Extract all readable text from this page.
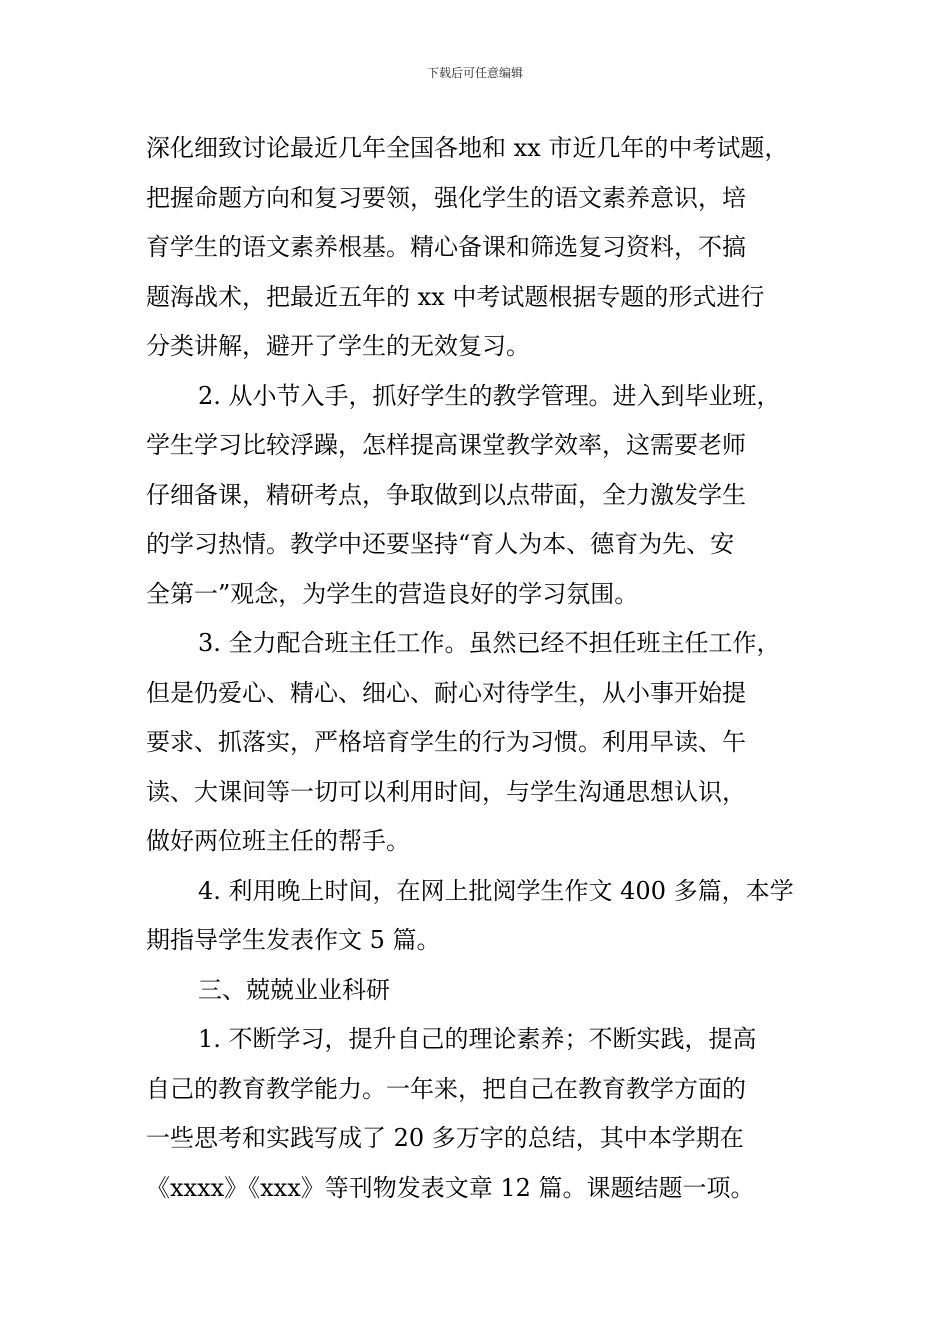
下载后可任意编辑
深化细致讨论最近几年全国各地和 xx 市近几年的中考试题，
把握命题方向和复习要领，强化学生的语文素养意识，培
育学生的语文素养根基。精心备课和筛选复习资料，不搞
题海战术，把最近五年的 xx 中考试题根据专题的形式进行
分类讲解，避开了学生的无效复习。
2. 从小节入手，抓好学生的教学管理。进入到毕业班，
学生学习比较浮躁，怎样提高课堂教学效率，这需要老师
仔细备课，精研考点，争取做到以点带面，全力激发学生
的学习热情。教学中还要坚持“育人为本、德育为先、安
全第一”观念，为学生的营造良好的学习氛围。
3. 全力配合班主任工作。虽然已经不担任班主任工作，
但是仍爱心、精心、细心、耐心对待学生，从小事开始提
要求、抓落实，严格培育学生的行为习惯。利用早读、午
读、大课间等一切可以利用时间，与学生沟通思想认识，
做好两位班主任的帮手。
4. 利用晚上时间，在网上批阅学生作文 400 多篇，本学
期指导学生发表作文 5 篇。
三、兢兢业业科研
1. 不断学习，提升自己的理论素养；不断实践，提高
自己的教育教学能力。一年来，把自己在教育教学方面的
一些思考和实践写成了 20 多万字的总结，其中本学期在
《xxxx》《xxx》等刊物发表文章 12 篇。课题结题一项。
